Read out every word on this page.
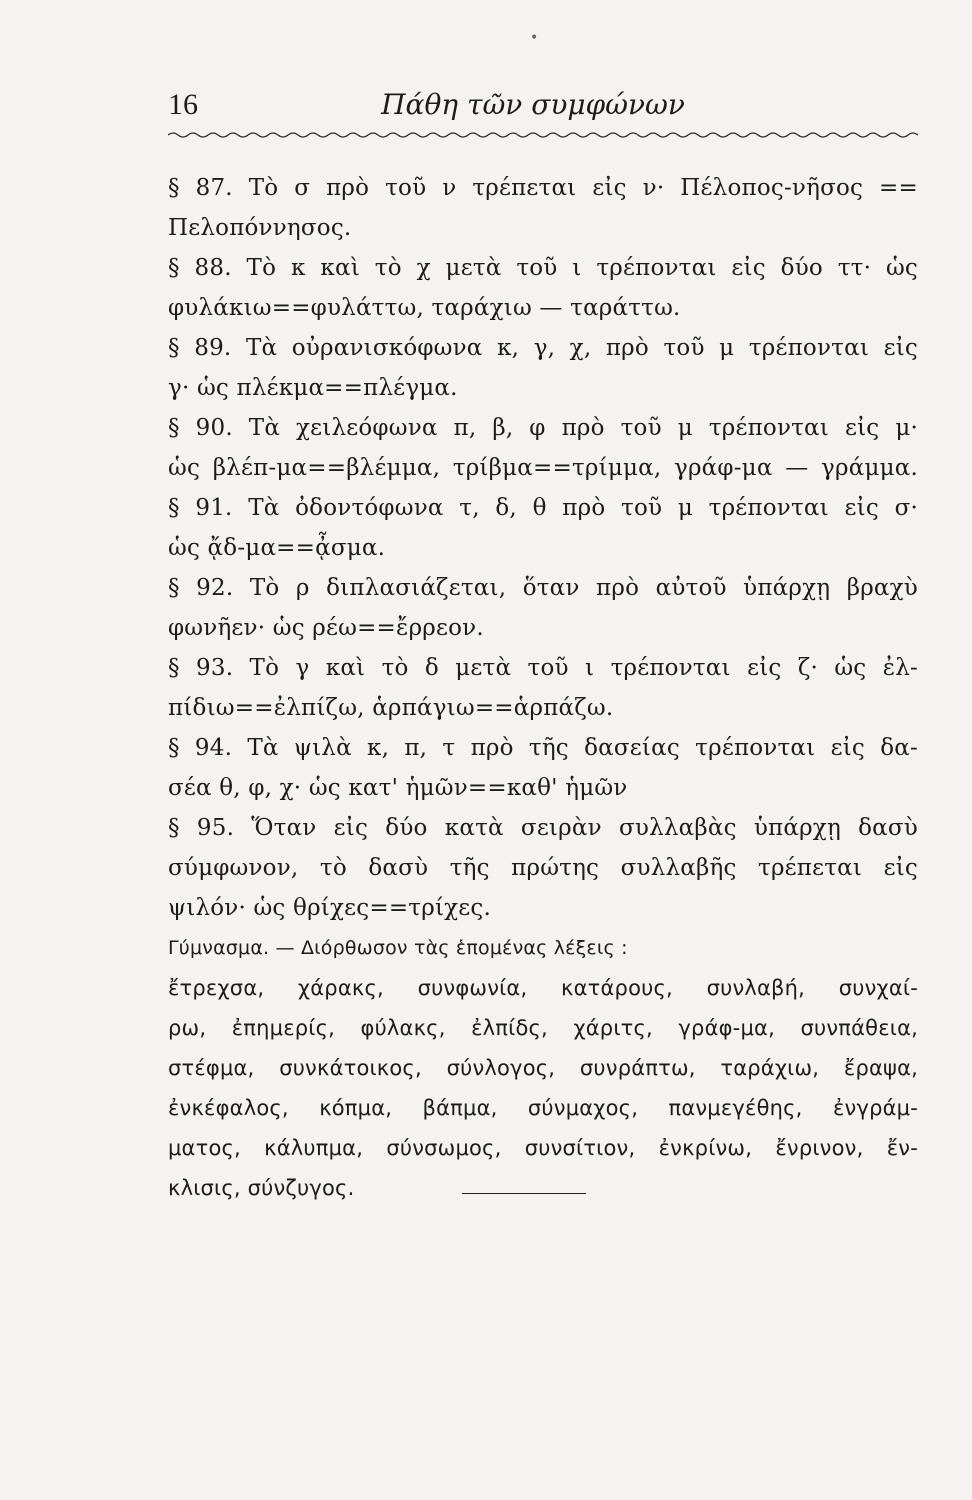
•
16	Πάθη τῶν συμφώνων
§ 87. Τὸ σ πρὸ τοῦ ν τρέπεται εἰς ν· Πέλοπος-νῆσος ==
Πελοπόννησος.
§ 88. Τὸ κ καὶ τὸ χ μετὰ τοῦ ι τρέπονται εἰς δύο ττ· ὡς
φυλάκιω==φυλάττω, ταράχιω — ταράττω.
§ 89. Τὰ οὐρανισκόφωνα κ, γ, χ, πρὸ τοῦ μ τρέπονται εἰς
γ· ὡς πλέκμα==πλέγμα.
§ 90. Τὰ χειλεόφωνα π, β, φ πρὸ τοῦ μ τρέπονται εἰς μ·
ὡς βλέπ-μα==βλέμμα, τρίβμα==τρίμμα, γράφ-μα — γράμμα.
§ 91. Τὰ ὀδοντόφωνα τ, δ, θ πρὸ τοῦ μ τρέπονται εἰς σ·
ὡς ᾄδ-μα==ᾆσμα.
§ 92. Τὸ ρ διπλασιάζεται, ὅταν πρὸ αὐτοῦ ὑπάρχῃ βραχὺ
φωνῆεν· ὡς ρέω==ἔρρεον.
§ 93. Τὸ γ καὶ τὸ δ μετὰ τοῦ ι τρέπονται εἰς ζ· ὡς ἐλ-
πίδιω==ἐλπίζω, ἁρπάγιω==ἁρπάζω.
§ 94. Τὰ ψιλὰ κ, π, τ πρὸ τῆς δασείας τρέπονται εἰς δα-
σέα θ, φ, χ· ὡς κατ' ἡμῶν==καθ' ἡμῶν
§ 95. Ὅταν εἰς δύο κατὰ σειρὰν συλλαβὰς ὑπάρχῃ δασὺ
σύμφωνον, τὸ δασὺ τῆς πρώτης συλλαβῆς τρέπεται εἰς
ψιλόν· ὡς θρίχες==τρίχες.
Γύμνασμα. — Διόρθωσον τὰς ἑπομένας λέξεις :
ἔτρεχσα, χάρακς, συνφωνία, κατάρους, συνλαβή, συνχαί-
ρω, ἐπημερίς, φύλακς, ἐλπίδς, χάριτς, γράφ-μα, συνπάθεια,
στέφμα, συνκάτοικος, σύνλογος, συνράπτω, ταράχιω, ἔραψα,
ἐνκέφαλος, κόπμα, βάπμα, σύνμαχος, πανμεγέθης, ἐνγράμ-
ματος, κάλυπμα, σύνσωμος, συνσίτιον, ἐνκρίνω, ἔνρινον, ἔν-
κλισις, σύνζυγος.
